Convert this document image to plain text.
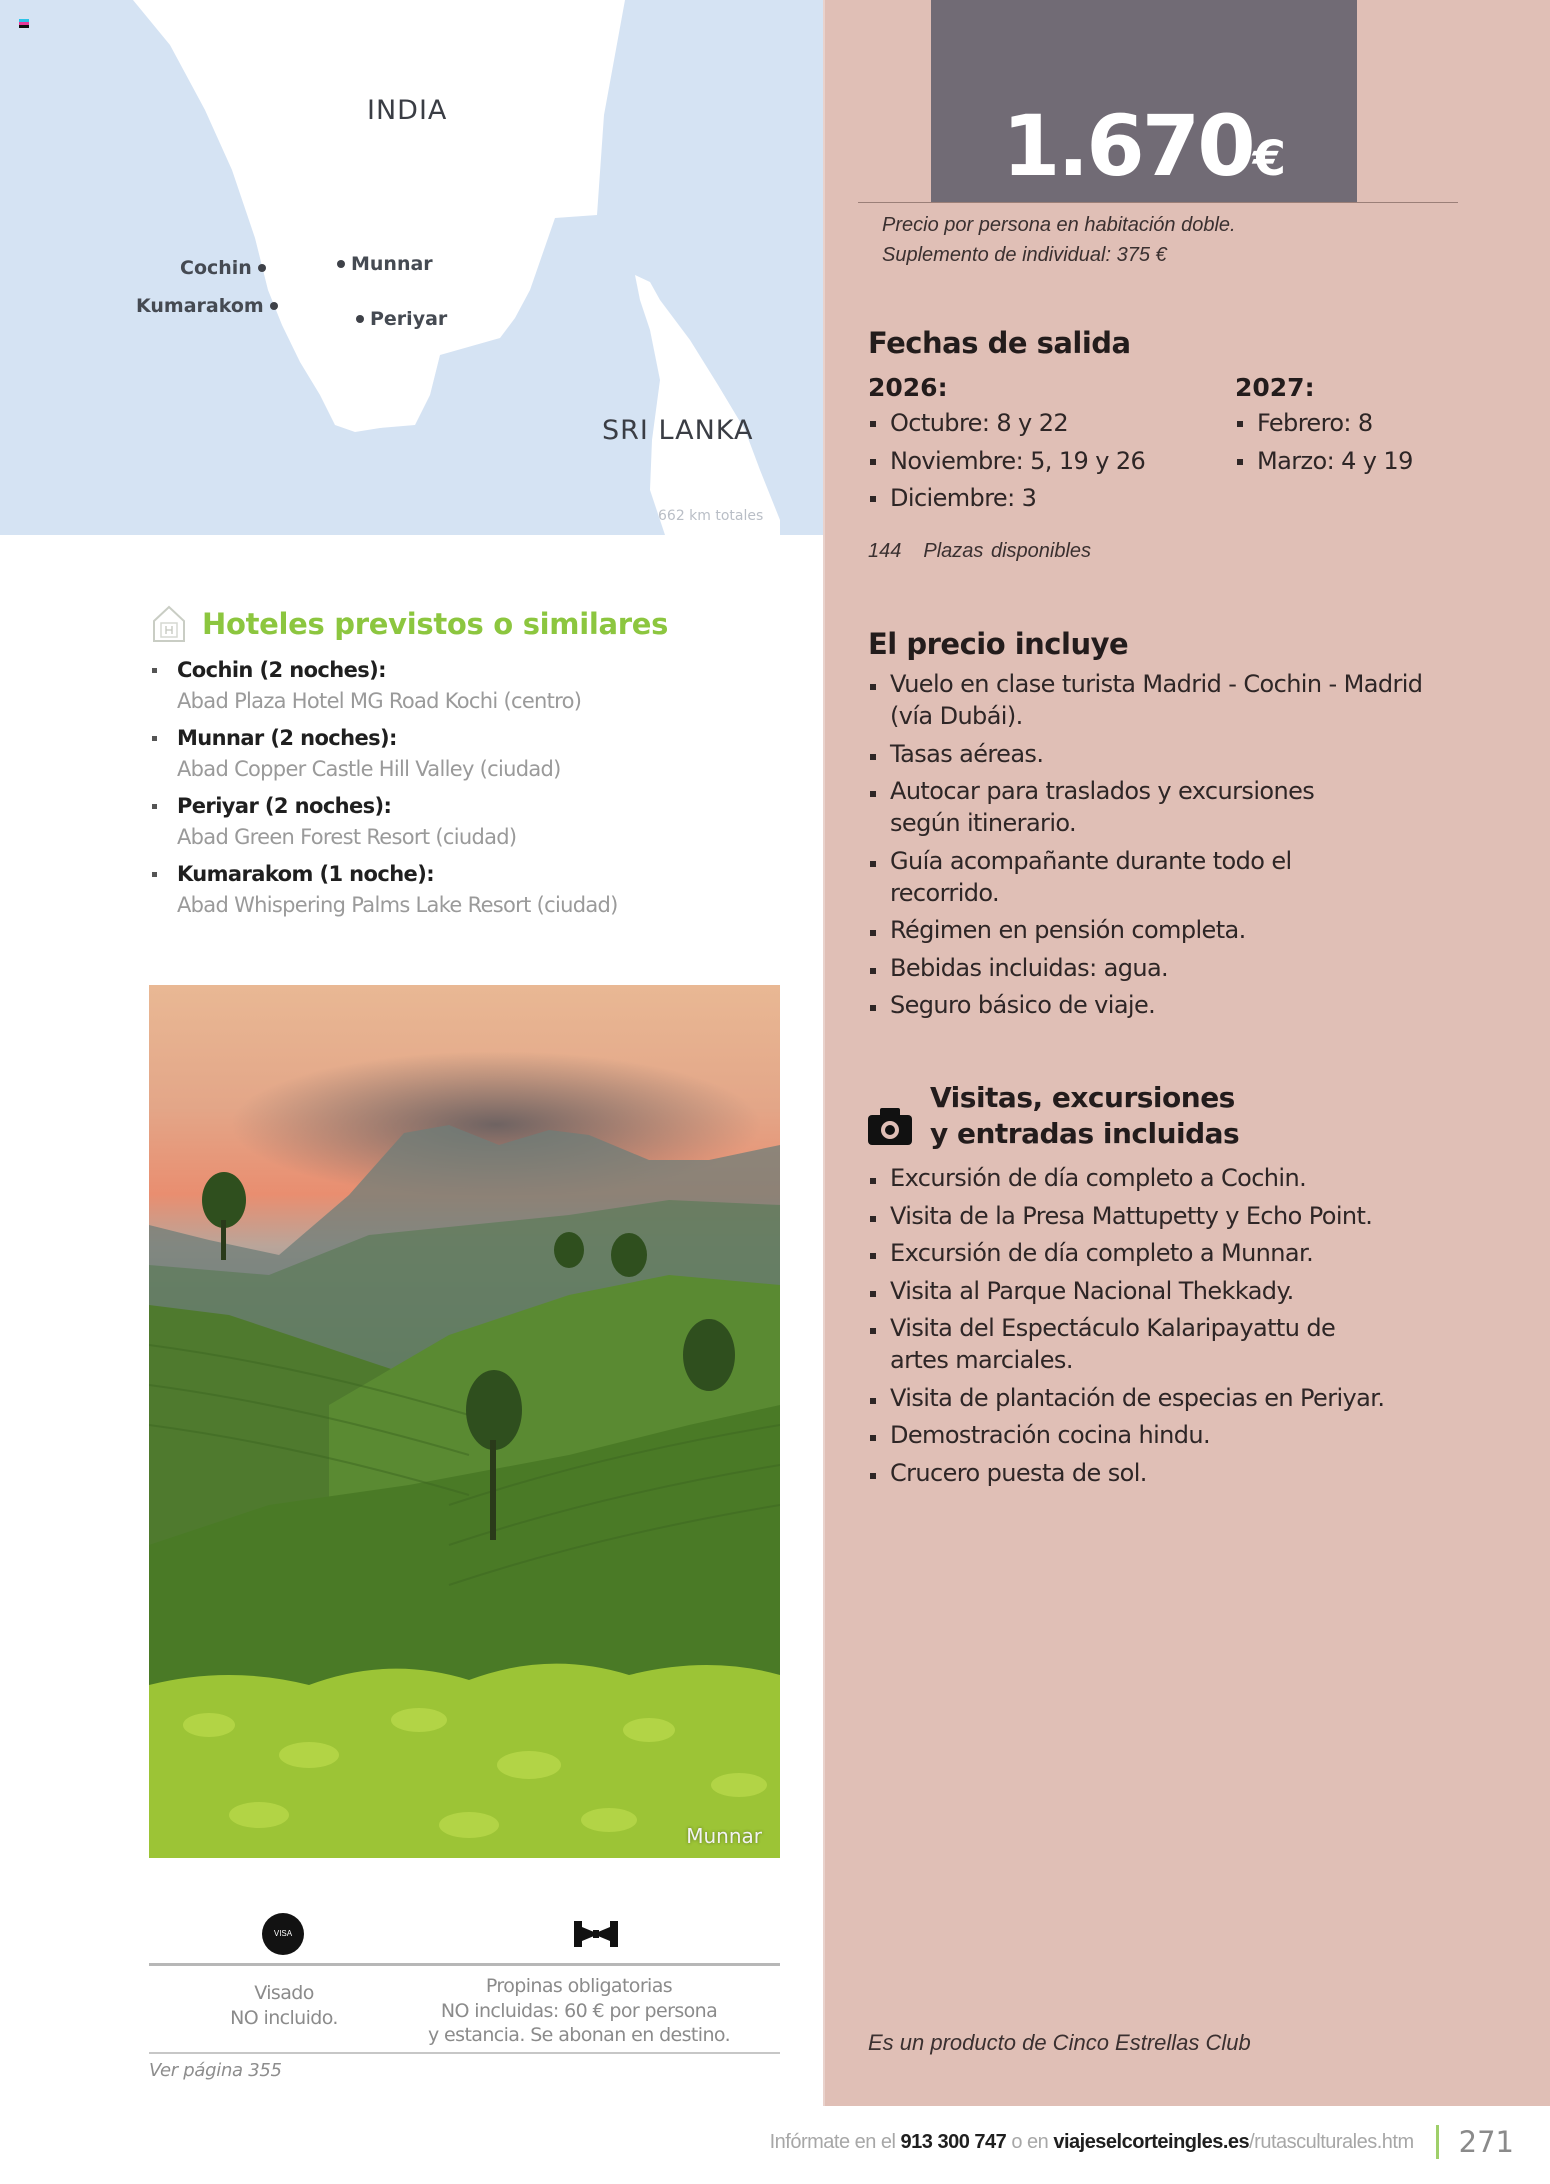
INDIA
SRI LANKA
Cochin
Kumarakom
Munnar
Periyar
662 km totales
1.670€
Precio por persona en habitación doble.
Suplemento de individual: 375 €
Fechas de salida
2026:	2027:
Octubre: 8 y 22
Noviembre: 5, 19 y 26
Diciembre: 3
Febrero: 8
Marzo: 4 y 19
144 Plazas disponibles
El precio incluye
Vuelo en clase turista Madrid - Cochin - Madrid (vía Dubái).
Tasas aéreas.
Autocar para traslados y excursiones según itinerario.
Guía acompañante durante todo el recorrido.
Régimen en pensión completa.
Bebidas incluidas: agua.
Seguro básico de viaje.
Visitas, excursiones
y entradas incluidas
Excursión de día completo a Cochin.
Visita de la Presa Mattupetty y Echo Point.
Excursión de día completo a Munnar.
Visita al Parque Nacional Thekkady.
Visita del Espectáculo Kalaripayattu de artes marciales.
Visita de plantación de especias en Periyar.
Demostración cocina hindu.
Crucero puesta de sol.
Es un producto de Cinco Estrellas Club
Hoteles previstos o similares
Cochin (2 noches):
Abad Plaza Hotel MG Road Kochi (centro)
Munnar (2 noches):
Abad Copper Castle Hill Valley (ciudad)
Periyar (2 noches):
Abad Green Forest Resort (ciudad)
Kumarakom (1 noche):
Abad Whispering Palms Lake Resort (ciudad)
Munnar
VISA
Visado
NO incluido.
Propinas obligatorias
NO incluidas: 60 € por persona
y estancia. Se abonan en destino.
Ver página 355
Infórmate en el 913 300 747 o en viajeselcorteingles.es/rutasculturales.htm 271
